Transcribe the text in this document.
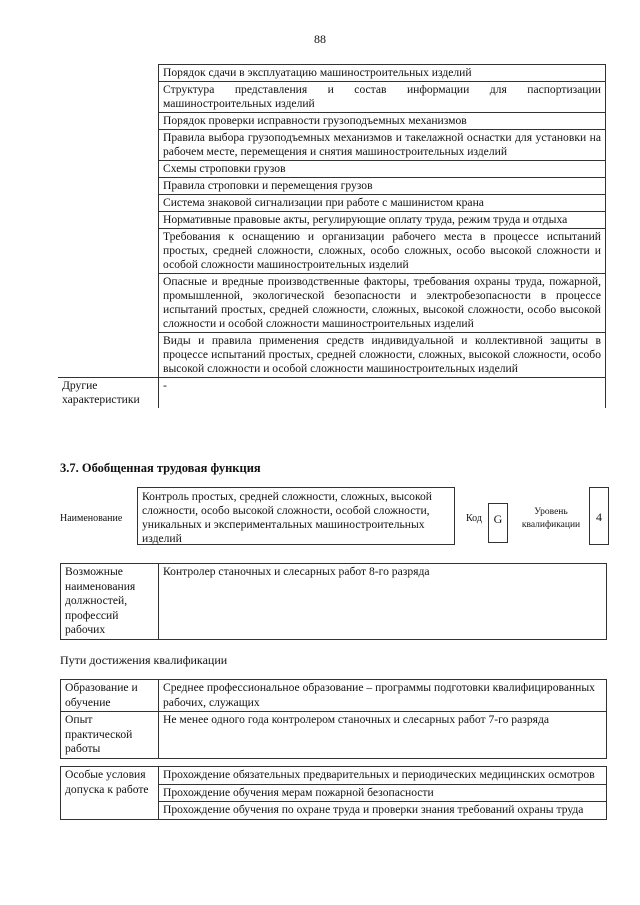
88
	Порядок сдачи в эксплуатацию машиностроительных изделий
	Структура представления и состав информации для паспортизации машиностроительных изделий
	Порядок проверки исправности грузоподъемных механизмов
	Правила выбора грузоподъемных механизмов и такелажной оснастки для установки на рабочем месте, перемещения и снятия машиностроительных изделий
	Схемы строповки грузов
	Правила строповки и перемещения грузов
	Система знаковой сигнализации при работе с машинистом крана
	Нормативные правовые акты, регулирующие оплату труда, режим труда и отдыха
	Требования к оснащению и организации рабочего места в процессе испытаний простых, средней сложности, сложных, особо сложных, особо высокой сложности и особой сложности машиностроительных изделий
	Опасные и вредные производственные факторы, требования охраны труда, пожарной, промышленной, экологической безопасности и электробезопасности в процессе испытаний простых, средней сложности, сложных, высокой сложности, особо высокой сложности и особой сложности машиностроительных изделий
	Виды и правила применения средств индивидуальной и коллективной защиты в процессе испытаний простых, средней сложности, сложных, высокой сложности, особо высокой сложности и особой сложности машиностроительных изделий
Другие характеристики	-
3.7. Обобщенная трудовая функция
Наименование
Контроль простых, средней сложности, сложных, высокой сложности, особо высокой сложности, особой сложности, уникальных и экспериментальных машиностроительных изделий
Код G	Уровень квалификации
4
Возможные наименования должностей, профессий рабочих	Контролер станочных и слесарных работ 8-го разряда
Пути достижения квалификации
Образование и обучение	Среднее профессиональное образование – программы подготовки квалифицированных рабочих, служащих
Опыт практической работы	Не менее одного года контролером станочных и слесарных работ 7-го разряда
Особые условия допуска к работе	Прохождение обязательных предварительных и периодических медицинских осмотров
Прохождение обучения мерам пожарной безопасности
Прохождение обучения по охране труда и проверки знания требований охраны труда
